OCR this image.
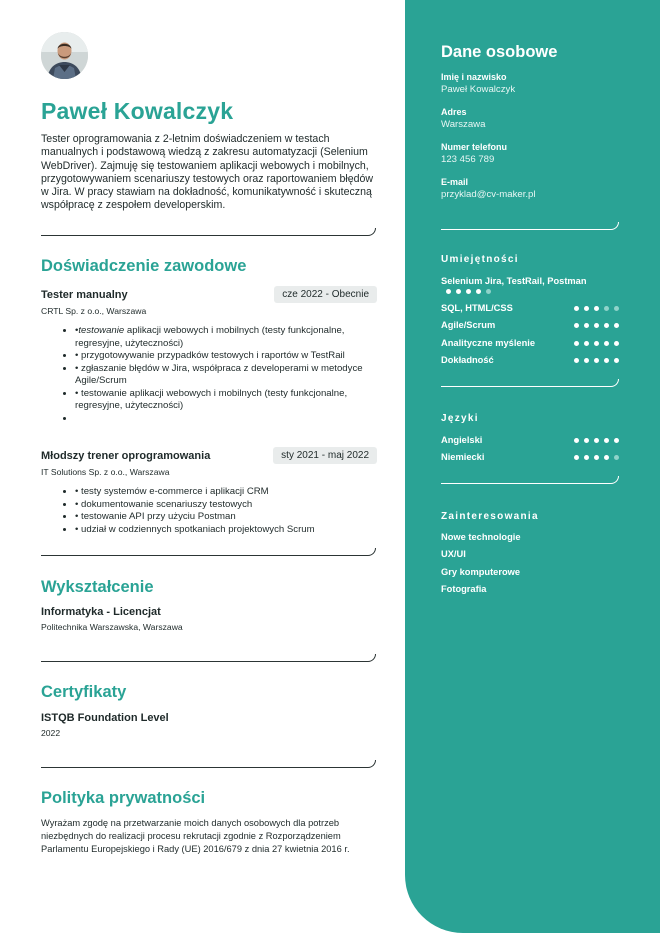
Paweł Kowalczyk
Tester oprogramowania z 2-letnim doświadczeniem w testach manualnych i podstawową wiedzą z zakresu automatyzacji (Selenium WebDriver). Zajmuję się testowaniem aplikacji webowych i mobilnych, przygotowywaniem scenariuszy testowych oraz raportowaniem błędów w Jira. W pracy stawiam na dokładność, komunikatywność i skuteczną współpracę z zespołem developerskim.
Doświadczenie zawodowe
Tester manualny	cze 2022 - Obecnie
CRTL Sp. z o.o., Warszawa
• •testowanie aplikacji webowych i mobilnych (testy funkcjonalne, regresyjne, użyteczności)
• • przygotowywanie przypadków testowych i raportów w TestRail
• • zgłaszanie błędów w Jira, współpraca z developerami w metodyce Agile/Scrum
• • testowanie aplikacji webowych i mobilnych (testy funkcjonalne, regresyjne, użyteczności)
•
Młodszy trener oprogramowania	sty 2021 - maj 2022
IT Solutions Sp. z o.o., Warszawa
• • testy systemów e-commerce i aplikacji CRM
• • dokumentowanie scenariuszy testowych
• • testowanie API przy użyciu Postman
• • udział w codziennych spotkaniach projektowych Scrum
Wykształcenie
Informatyka - Licencjat
Politechnika Warszawska, Warszawa
Certyfikaty
ISTQB Foundation Level
2022
Polityka prywatności
Wyrażam zgodę na przetwarzanie moich danych osobowych dla potrzeb niezbędnych do realizacji procesu rekrutacji zgodnie z Rozporządzeniem Parlamentu Europejskiego i Rady (UE) 2016/679 z dnia 27 kwietnia 2016 r.
Dane osobowe
Imię i nazwisko
Paweł Kowalczyk
Adres
Warszawa
Numer telefonu
123 456 789
E-mail
przyklad@cv-maker.pl
Umiejętności
Selenium Jira, TestRail, Postman
SQL, HTML/CSS
Agile/Scrum
Analityczne myślenie
Dokładność
Języki
Angielski
Niemiecki
Zainteresowania
Nowe technologie
UX/UI
Gry komputerowe
Fotografia
